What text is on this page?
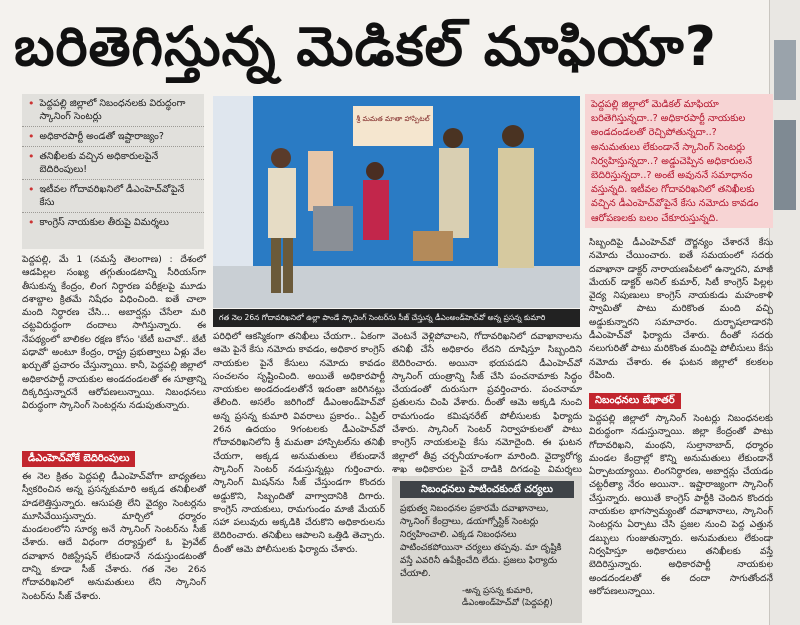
బరితెగిస్తున్న మెడికల్ మాఫియా?
• పెద్దపల్లి జిల్లాలో నిబంధనలకు విరుద్ధంగా స్కానింగ్ సెంటర్లు
• అధికారపార్టీ అండతో ఇష్టారాజ్యం?
• తనిఖీలకు వచ్చిన అధికారులపైనే బెదిరింపులు!
• ఇటీవల గోదావరిఖనిలో డీఎంహెచ్‌వోపైనే కేసు
• కాంగ్రెస్ నాయకుల తీరుపై విమర్శలు
శ్రీ మమత మాతా హాస్పిటల్
గత నెల 26న గోదావరిఖనిలో ఉల్లా పాండే స్కానింగ్ సెంటర్‌ను సీజ్ చేస్తున్న డీఎంఅండ్‌హెచ్‌వో అన్న ప్రసన్న కుమారి
పెద్దపల్లి జిల్లాలో మెడికల్ మాఫియా బరితెగిస్తున్నదా..? అధికారపార్టీ నాయకుల అండదండలతో రెచ్చిపోతున్నదా..? అనుమతులు లేకుండానే స్కానింగ్ సెంటర్లు నిర్వహిస్తున్నదా..? అడ్డుచెప్పిన అధికారులనే బెదిరిస్తున్నదా..? అంటే అవుననే సమాధానం వస్తున్నది. ఇటీవల గోదావరిఖనిలో తనిఖీలకు వచ్చిన డీఎంహెచ్‌వోపైనే కేసు నమోదు కావడం ఆరోపణలకు బలం చేకూరుస్తున్నది.
పెద్దపల్లి, మే 1 (నమస్తే తెలంగాణ) : దేశంలో ఆడపిల్లల సంఖ్య తగ్గుతుండటాన్ని సీరియస్‌గా తీసుకున్న కేంద్రం, లింగ నిర్ధారణ పరీక్షలపై మూడు దశాబ్దాల క్రితమే నిషేధం విధించింది. ఐతే చాలా మంది నిర్ధారణ చేసి... అబార్షన్లు చేసేలా మరి చట్టవిరుద్ధంగా దందాలు సాగిస్తున్నారు. ఈ నేపథ్యంలో బాలికల రక్షణ కోసం 'బేటీ బచావో.. బేటీ పఢావో' అంటూ కేంద్రం, రాష్ట్ర ప్రభుత్వాలు ఏళ్లు వేల ఖర్చుతో ప్రచారం చేస్తున్నాయి. కానీ, పెద్దపల్లి జిల్లాలో అధికారపార్టీ నాయకుల అండదండలతో ఈ సూత్రాన్ని దిక్కరిస్తున్నారనే ఆరోపణలున్నాయి. నిబంధనలు విరుద్ధంగా స్కానింగ్ సెంటర్లను నడుపుతున్నారు.
డీఎంహెచ్‌వోకే బెదిరింపులు
ఈ నెల క్రితం పెద్దపల్లి డీఎంహెచ్‌వోగా బాధ్యతలు స్వీకరించిన అన్న ప్రసన్నకుమారి అక్కడ తనిఖీలతో హడలెత్తిస్తున్నారు. ఆసుపత్రి లేని వైద్యం సెంటర్లను మూసివేయిస్తున్నారు. మార్చిలో ధర్మారం మండలంలోని సూర్య అనే స్కానింగ్ సెంటర్‌ను సీజ్ చేశారు. ఆదే విధంగా దర్యాప్తులో ఓ ప్రైవేట్ దవాఖాన రిజిస్ట్రేషన్ లేకుండానే నడుస్తుండటంతో దాన్ని కూడా సీజ్ చేశారు. గత నెల 26న గోదావరిఖనిలో అనుమతులు లేని స్కానింగ్ సెంటర్‌ను సీజ్ చేశారు.
పరిధిలో ఆకస్మికంగా తనిఖీలు చేయగా.. ఏకంగా ఆమె పైనే కేసు నమోదు కావడం, అధికార కాంగ్రెస్ నాయకుల పైనే కేసులు నమోదు కావడం సంచలనం సృష్టించింది. అయితే అధికారపార్టీ నాయకుల అండదండలతోనే ఇదంతా జరిగినట్లు తేలింది. అసలేం జరిగిందో డీఎంఅండ్‌హెచ్‌వో అన్న ప్రసన్న కుమారి వివరాలు ప్రకారం.. ఏప్రిల్ 26న ఉదయం 9గంటలకు డీఎంహెచ్‌వో గోదావరిఖనిలోని శ్రీ మమతా హాస్పిటల్‌ను తనిఖీ చేయగా, అక్కడ అనుమతులు లేకుండానే స్కానింగ్ సెంటర్ నడుస్తున్నట్లు గుర్తించారు. స్కానింగ్ మిషన్‌ను సీజ్ చేస్తుండగా కొందరు అడ్డుకొని, సిబ్బందితో వాగ్వాదానికి దిగారు. కాంగ్రెస్ నాయకులు, రామగుండం మాజీ మేయర్ సహా పలువురు అక్కడికి చేరుకొని అధికారులను బెదిరించారు. తనిఖీలు ఆపాలని ఒత్తిడి తెచ్చారు. దీంతో ఆమె పోలీసులకు ఫిర్యాదు చేశారు.
వెంటనే వెళ్లిపోవాలని, గోదావరిఖనిలో దవాఖానాలను తనిఖీ చేసే అధికారం లేదని దూషిస్తూ సిబ్బందిని బెదిరించారు. అయినా భయపడని డీఎంహెచ్‌వో స్కానింగ్ యంత్రాన్ని సీజ్ చేసి పంచనామాకు సిద్ధం చేయడంతో దురుసుగా ప్రవర్తించారు. పంచనామా ప్రతులను చింపి వేశారు. దీంతో ఆమె అక్కడి నుంచి రామగుండం కమిషనరేట్ పోలీసులకు ఫిర్యాదు చేశారు. స్కానింగ్ సెంటర్ నిర్వాహకులతో పాటు కాంగ్రెస్ నాయకులపై కేసు నమోదైంది. ఈ ఘటన జిల్లాలో తీవ్ర చర్చనీయాంశంగా మారింది. వైద్యారోగ్య శాఖ అధికారుల పైనే దాడికి దిగడంపై విమర్శలు
నిబంధనలు పాటించకుంటే చర్యలు
ప్రభుత్వ నిబంధనల ప్రకారమే దవాఖానాలు, స్కానింగ్ కేంద్రాలు, డయాగ్నోస్టిక్ సెంటర్లు నిర్వహించాలి. ఎక్కడ నిబంధనలు పాటించకపోయినా చర్యలు తప్పవు. మా దృష్టికి వస్తే ఎవరినీ ఉపేక్షించేది లేదు. ప్రజలు ఫిర్యాదు చేయాలి.
-అన్న ప్రసన్న కుమారి, డీఎంఅండ్‌హెచ్‌వో (పెద్దపల్లి)
సిబ్బందిపై డీఎంహెచ్‌వో దౌర్జన్యం చేశారనే కేసు నమోదు చేయించారు. ఐతే సమయంలో సదరు దవాఖానా డాక్టర్ నారాయణపేటలో ఉన్నారని, మాజీ మేయర్ డాక్టర్ అనిల్ కుమార్, సిటీ కాంగ్రెస్ పిల్లల వైద్య నిపుణులు కాంగ్రెస్ నాయకుడు మహంకాళి స్వామితో పాటు మరికొంత మంది వచ్చి అడ్డుకున్నారని సమాచారం. దుర్భాషలాడారని డీఎంహెచ్‌వో ఫిర్యాదు చేశారు. దీంతో సదరు నలుగురితో పాటు మరికొంత మందిపై పోలీసులు కేసు నమోదు చేశారు. ఈ ఘటన జిల్లాలో కలకలం రేపింది.
నిబంధనలు బేఖాతర్
పెద్దపల్లి జిల్లాలో స్కానింగ్ సెంటర్లు నిబంధనలకు విరుద్ధంగా నడుస్తున్నాయి. జిల్లా కేంద్రంతో పాటు గోదావరిఖని, మంథని, సుల్తానాబాద్, ధర్మారం మండల కేంద్రాల్లో కొన్ని అనుమతులు లేకుండానే ఏర్పాటయ్యాయి. లింగనిర్ధారణ, అబార్షన్లు చేయడం చట్టరీత్యా నేరం అయినా.. ఇష్టారాజ్యంగా స్కానింగ్ చేస్తున్నారు. అయితే కాంగ్రెస్ పార్టీకి చెందిన కొందరు నాయకుల భాగస్వామ్యంతో దవాఖానాలు, స్కానింగ్ సెంటర్లను ఏర్పాటు చేసి ప్రజల నుంచి పెద్ద ఎత్తున డబ్బులు గుంజుతున్నారు. అనుమతులు లేకుండా నిర్వహిస్తూ అధికారులు తనిఖీలకు వస్తే బెదిరిస్తున్నారు. అధికారపార్టీ నాయకుల అండదండలతో ఈ దందా సాగుతోందనే ఆరోపణలున్నాయి.
